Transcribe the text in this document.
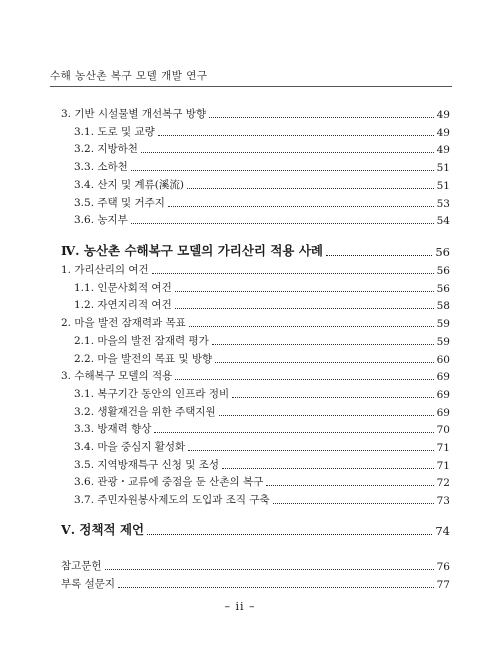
수해 농산촌 복구 모델 개발 연구
3. 기반 시설물별 개선복구 방향	49
3.1. 도로 및 교량	49
3.2. 지방하천	49
3.3. 소하천	51
3.4. 산지 및 계류(溪流)	51
3.5. 주택 및 거주지	53
3.6. 농지부	54
Ⅳ. 농산촌 수해복구 모델의 가리산리 적용 사례	56
1. 가리산리의 여건	56
1.1. 인문사회적 여건	56
1.2. 자연지리적 여건	58
2. 마을 발전 잠재력과 목표	59
2.1. 마을의 발전 잠재력 평가	59
2.2. 마을 발전의 목표 및 방향	60
3. 수해복구 모델의 적용	69
3.1. 복구기간 동안의 인프라 정비	69
3.2. 생활재건을 위한 주택지원	69
3.3. 방재력 향상	70
3.4. 마을 중심지 활성화	71
3.5. 지역방재특구 신청 및 조성	71
3.6. 관광・교류에 중점을 둔 산촌의 복구	72
3.7. 주민자원봉사제도의 도입과 조직 구축	73
Ⅴ. 정책적 제언	74
참고문헌	76
부록 설문지	77
– ii –
